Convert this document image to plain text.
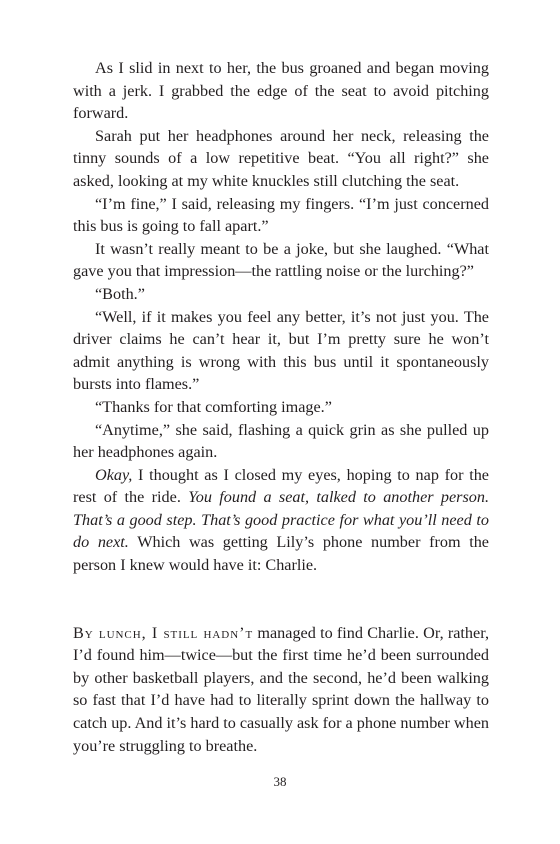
As I slid in next to her, the bus groaned and began moving with a jerk. I grabbed the edge of the seat to avoid pitching forward.

Sarah put her headphones around her neck, releasing the tinny sounds of a low repetitive beat. “You all right?” she asked, looking at my white knuckles still clutching the seat.

“I’m fine,” I said, releasing my fingers. “I’m just concerned this bus is going to fall apart.”

It wasn’t really meant to be a joke, but she laughed. “What gave you that impression—the rattling noise or the lurching?”

“Both.”

“Well, if it makes you feel any better, it’s not just you. The driver claims he can’t hear it, but I’m pretty sure he won’t admit anything is wrong with this bus until it spontaneously bursts into flames.”

“Thanks for that comforting image.”

“Anytime,” she said, flashing a quick grin as she pulled up her headphones again.

Okay, I thought as I closed my eyes, hoping to nap for the rest of the ride. You found a seat, talked to another person. That’s a good step. That’s good practice for what you’ll need to do next. Which was getting Lily’s phone number from the person I knew would have it: Charlie.

By lunch, I still hadn’t managed to find Charlie. Or, rather, I’d found him—twice—but the first time he’d been surrounded by other basketball players, and the second, he’d been walking so fast that I’d have had to literally sprint down the hallway to catch up. And it’s hard to casually ask for a phone number when you’re struggling to breathe.

38
